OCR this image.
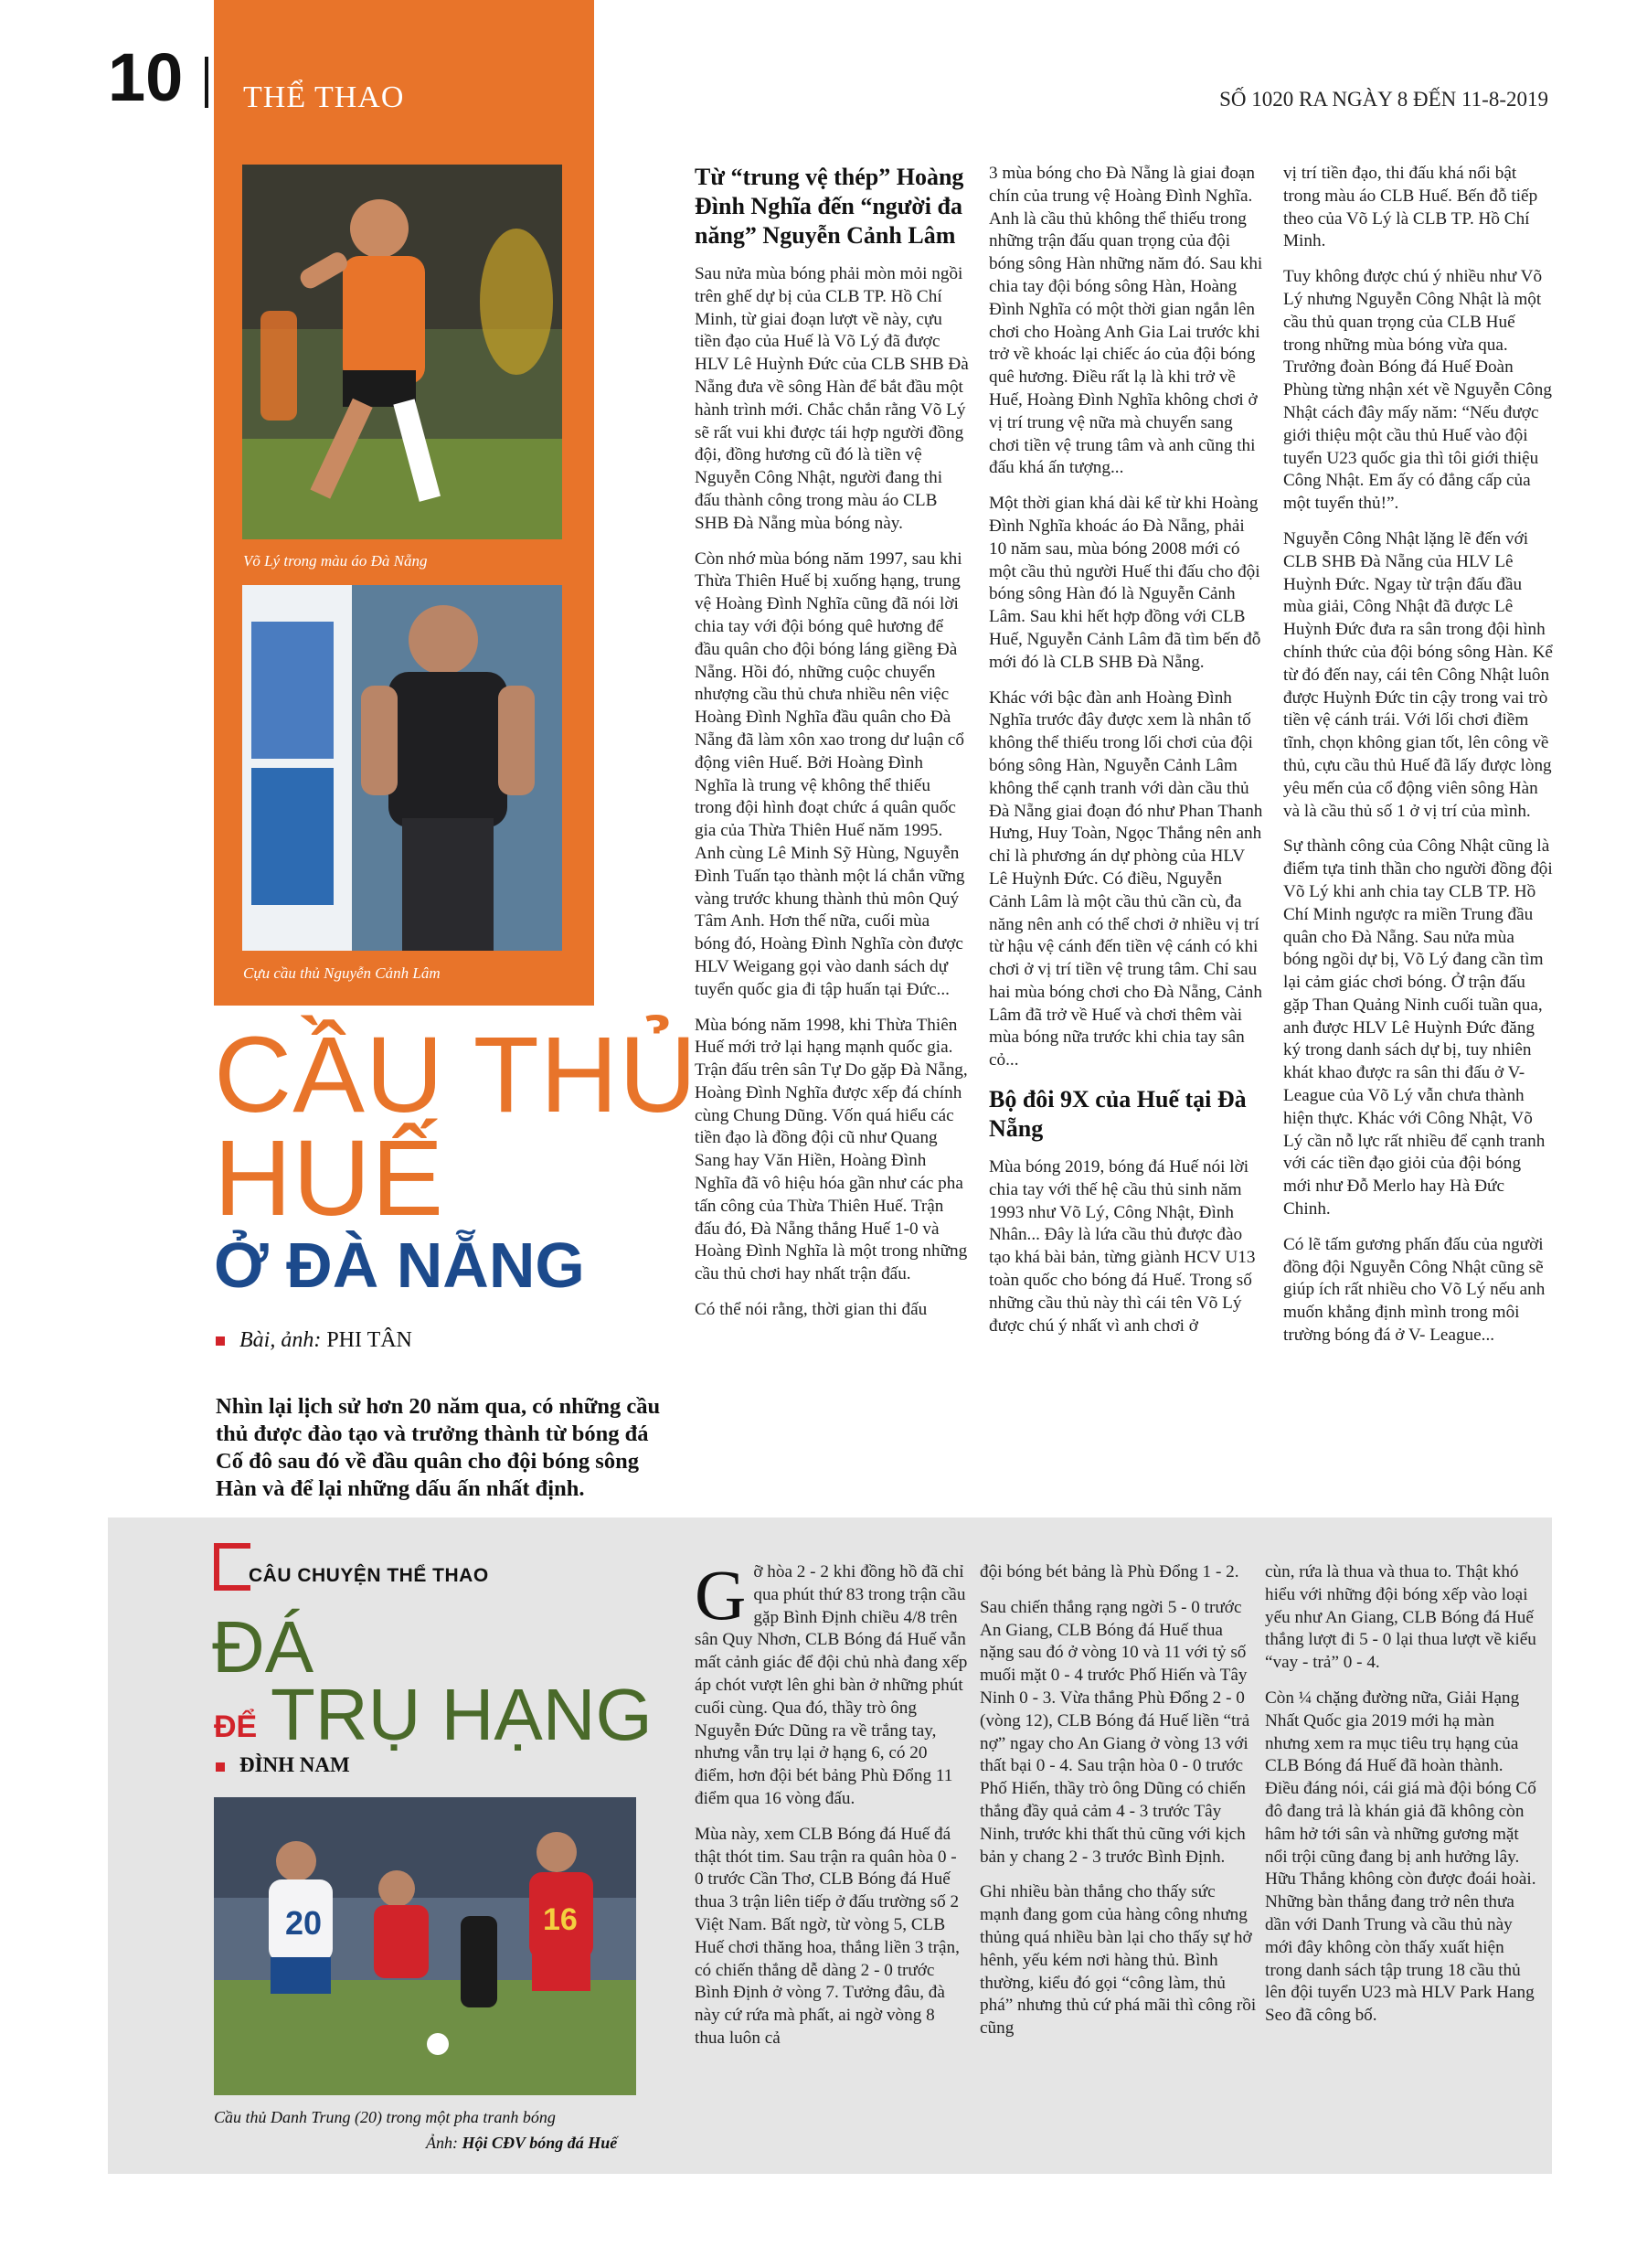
10 THỂ THAO	SỐ 1020 RA NGÀY 8 ĐẾN 11-8-2019
Võ Lý trong màu áo Đà Nẵng
Cựu cầu thủ Nguyễn Cảnh Lâm
CẦU THỦ
HUẾ
Ở ĐÀ NẴNG
Bài, ảnh: PHI TÂN
Nhìn lại lịch sử hơn 20 năm qua, có những cầu thủ được đào tạo và trưởng thành từ bóng đá Cố đô sau đó về đầu quân cho đội bóng sông Hàn và để lại những dấu ấn nhất định.
Từ “trung vệ thép” Hoàng Đình Nghĩa đến “người đa năng” Nguyễn Cảnh Lâm

Sau nửa mùa bóng phải mòn mỏi ngồi trên ghế dự bị của CLB TP. Hồ Chí Minh, từ giai đoạn lượt về này, cựu tiền đạo của Huế là Võ Lý đã được HLV Lê Huỳnh Đức của CLB SHB Đà Nẵng đưa về sông Hàn để bắt đầu một hành trình mới. Chắc chắn rằng Võ Lý sẽ rất vui khi được tái hợp người đồng đội, đồng hương cũ đó là tiền vệ Nguyễn Công Nhật, người đang thi đấu thành công trong màu áo CLB SHB Đà Nẵng mùa bóng này.

Còn nhớ mùa bóng năm 1997, sau khi Thừa Thiên Huế bị xuống hạng, trung vệ Hoàng Đình Nghĩa cũng đã nói lời chia tay với đội bóng quê hương để đầu quân cho đội bóng láng giềng Đà Nẵng. Hồi đó, những cuộc chuyển nhượng cầu thủ chưa nhiều nên việc Hoàng Đình Nghĩa đầu quân cho Đà Nẵng đã làm xôn xao trong dư luận cổ động viên Huế. Bởi Hoàng Đình Nghĩa là trung vệ không thể thiếu trong đội hình đoạt chức á quân quốc gia của Thừa Thiên Huế năm 1995. Anh cùng Lê Minh Sỹ Hùng, Nguyễn Đình Tuấn tạo thành một lá chắn vững vàng trước khung thành thủ môn Quý Tâm Anh. Hơn thế nữa, cuối mùa bóng đó, Hoàng Đình Nghĩa còn được HLV Weigang gọi vào danh sách dự tuyển quốc gia đi tập huấn tại Đức...

Mùa bóng năm 1998, khi Thừa Thiên Huế mới trở lại hạng mạnh quốc gia. Trận đấu trên sân Tự Do gặp Đà Nẵng, Hoàng Đình Nghĩa được xếp đá chính cùng Chung Dũng. Vốn quá hiểu các tiền đạo là đồng đội cũ như Quang Sang hay Văn Hiền, Hoàng Đình Nghĩa đã vô hiệu hóa gần như các pha tấn công của Thừa Thiên Huế. Trận đấu đó, Đà Nẵng thắng Huế 1-0 và Hoàng Đình Nghĩa là một trong những cầu thủ chơi hay nhất trận đấu.

Có thể nói rằng, thời gian thi đấu

3 mùa bóng cho Đà Nẵng là giai đoạn chín của trung vệ Hoàng Đình Nghĩa. Anh là cầu thủ không thể thiếu trong những trận đấu quan trọng của đội bóng sông Hàn những năm đó. Sau khi chia tay đội bóng sông Hàn, Hoàng Đình Nghĩa có một thời gian ngắn lên chơi cho Hoàng Anh Gia Lai trước khi trở về khoác lại chiếc áo của đội bóng quê hương. Điều rất lạ là khi trở về Huế, Hoàng Đình Nghĩa không chơi ở vị trí trung vệ nữa mà chuyển sang chơi tiền vệ trung tâm và anh cũng thi đấu khá ấn tượng...

Một thời gian khá dài kể từ khi Hoàng Đình Nghĩa khoác áo Đà Nẵng, phải 10 năm sau, mùa bóng 2008 mới có một cầu thủ người Huế thi đấu cho đội bóng sông Hàn đó là Nguyễn Cảnh Lâm. Sau khi hết hợp đồng với CLB Huế, Nguyễn Cảnh Lâm đã tìm bến đỗ mới đó là CLB SHB Đà Nẵng.

Khác với bậc đàn anh Hoàng Đình Nghĩa trước đây được xem là nhân tố không thể thiếu trong lối chơi của đội bóng sông Hàn, Nguyễn Cảnh Lâm không thể cạnh tranh với dàn cầu thủ Đà Nẵng giai đoạn đó như Phan Thanh Hưng, Huy Toàn, Ngọc Thắng nên anh chỉ là phương án dự phòng của HLV Lê Huỳnh Đức. Có điều, Nguyễn Cảnh Lâm là một cầu thủ cần cù, đa năng nên anh có thể chơi ở nhiều vị trí từ hậu vệ cánh đến tiền vệ cánh có khi chơi ở vị trí tiền vệ trung tâm. Chỉ sau hai mùa bóng chơi cho Đà Nẵng, Cảnh Lâm đã trở về Huế và chơi thêm vài mùa bóng nữa trước khi chia tay sân cỏ...

Bộ đôi 9X của Huế tại Đà Nẵng

Mùa bóng 2019, bóng đá Huế nói lời chia tay với thế hệ cầu thủ sinh năm 1993 như Võ Lý, Công Nhật, Đình Nhân... Đây là lứa cầu thủ được đào tạo khá bài bản, từng giành HCV U13 toàn quốc cho bóng đá Huế. Trong số những cầu thủ này thì cái tên Võ Lý được chú ý nhất vì anh chơi ở

vị trí tiền đạo, thi đấu khá nổi bật trong màu áo CLB Huế. Bến đỗ tiếp theo của Võ Lý là CLB TP. Hồ Chí Minh.

Tuy không được chú ý nhiều như Võ Lý nhưng Nguyễn Công Nhật là một cầu thủ quan trọng của CLB Huế trong những mùa bóng vừa qua. Trưởng đoàn Bóng đá Huế Đoàn Phùng từng nhận xét về Nguyễn Công Nhật cách đây mấy năm: “Nếu được giới thiệu một cầu thủ Huế vào đội tuyển U23 quốc gia thì tôi giới thiệu Công Nhật. Em ấy có đẳng cấp của một tuyển thủ!”.

Nguyễn Công Nhật lặng lẽ đến với CLB SHB Đà Nẵng của HLV Lê Huỳnh Đức. Ngay từ trận đấu đầu mùa giải, Công Nhật đã được Lê Huỳnh Đức đưa ra sân trong đội hình chính thức của đội bóng sông Hàn. Kể từ đó đến nay, cái tên Công Nhật luôn được Huỳnh Đức tin cậy trong vai trò tiền vệ cánh trái. Với lối chơi điềm tĩnh, chọn không gian tốt, lên công về thủ, cựu cầu thủ Huế đã lấy được lòng yêu mến của cổ động viên sông Hàn và là cầu thủ số 1 ở vị trí của mình.

Sự thành công của Công Nhật cũng là điểm tựa tinh thần cho người đồng đội Võ Lý khi anh chia tay CLB TP. Hồ Chí Minh ngược ra miền Trung đầu quân cho Đà Nẵng. Sau nửa mùa bóng ngồi dự bị, Võ Lý đang cần tìm lại cảm giác chơi bóng. Ở trận đấu gặp Than Quảng Ninh cuối tuần qua, anh được HLV Lê Huỳnh Đức đăng ký trong danh sách dự bị, tuy nhiên khát khao được ra sân thi đấu ở V- League của Võ Lý vẫn chưa thành hiện thực. Khác với Công Nhật, Võ Lý cần nỗ lực rất nhiều để cạnh tranh với các tiền đạo giỏi của đội bóng mới như Đỗ Merlo hay Hà Đức Chinh.

Có lẽ tấm gương phấn đấu của người đồng đội Nguyễn Công Nhật cũng sẽ giúp ích rất nhiều cho Võ Lý nếu anh muốn khẳng định mình trong môi trường bóng đá ở V- League...

CÂU CHUYỆN THỂ THAO
ĐÁ
ĐỂ TRỤ HẠNG
ĐÌNH NAM
20	16
Cầu thủ Danh Trung (20) trong một pha tranh bóng
Ảnh: Hội CĐV bóng đá Huế

Gỡ hòa 2 - 2 khi đồng hồ đã chỉ qua phút thứ 83 trong trận cầu gặp Bình Định chiều 4/8 trên sân Quy Nhơn, CLB Bóng đá Huế vẫn mất cảnh giác để đội chủ nhà đang xếp áp chót vượt lên ghi bàn ở những phút cuối cùng. Qua đó, thầy trò ông Nguyễn Đức Dũng ra về trắng tay, nhưng vẫn trụ lại ở hạng 6, có 20 điểm, hơn đội bét bảng Phù Đổng 11 điểm qua 16 vòng đấu.

Mùa này, xem CLB Bóng đá Huế đá thật thót tim. Sau trận ra quân hòa 0 - 0 trước Cần Thơ, CLB Bóng đá Huế thua 3 trận liên tiếp ở đấu trường số 2 Việt Nam. Bất ngờ, từ vòng 5, CLB Huế chơi thăng hoa, thắng liền 3 trận, có chiến thắng dễ dàng 2 - 0 trước Bình Định ở vòng 7. Tưởng đâu, đà này cứ rứa mà phất, ai ngờ vòng 8 thua luôn cả

đội bóng bét bảng là Phù Đổng 1 - 2.

Sau chiến thắng rạng ngời 5 - 0 trước An Giang, CLB Bóng đá Huế thua nặng sau đó ở vòng 10 và 11 với tỷ số muối mặt 0 - 4 trước Phố Hiến và Tây Ninh 0 - 3. Vừa thắng Phù Đổng 2 - 0 (vòng 12), CLB Bóng đá Huế liền “trả nợ” ngay cho An Giang ở vòng 13 với thất bại 0 - 4. Sau trận hòa 0 - 0 trước Phố Hiến, thầy trò ông Dũng có chiến thắng đầy quả cảm 4 - 3 trước Tây Ninh, trước khi thất thủ cũng với kịch bản y chang 2 - 3 trước Bình Định.

Ghi nhiều bàn thắng cho thấy sức mạnh đang gom của hàng công nhưng thủng quá nhiều bàn lại cho thấy sự hở hênh, yếu kém nơi hàng thủ. Bình thường, kiểu đó gọi “công làm, thủ phá” nhưng thủ cứ phá mãi thì công rồi cũng

cùn, rứa là thua và thua to. Thật khó hiểu với những đội bóng xếp vào loại yếu như An Giang, CLB Bóng đá Huế thắng lượt đi 5 - 0 lại thua lượt về kiểu “vay - trả” 0 - 4.

Còn ¼ chặng đường nữa, Giải Hạng Nhất Quốc gia 2019 mới hạ màn nhưng xem ra mục tiêu trụ hạng của CLB Bóng đá Huế đã hoàn thành. Điều đáng nói, cái giá mà đội bóng Cố đô đang trả là khán giả đã không còn hâm hở tới sân và những gương mặt nổi trội cũng đang bị anh hưởng lây. Hữu Thắng không còn được đoái hoài. Những bàn thắng đang trở nên thưa dần với Danh Trung và cầu thủ này mới đây không còn thấy xuất hiện trong danh sách tập trung 18 cầu thủ lên đội tuyển U23 mà HLV Park Hang Seo đã công bố.
